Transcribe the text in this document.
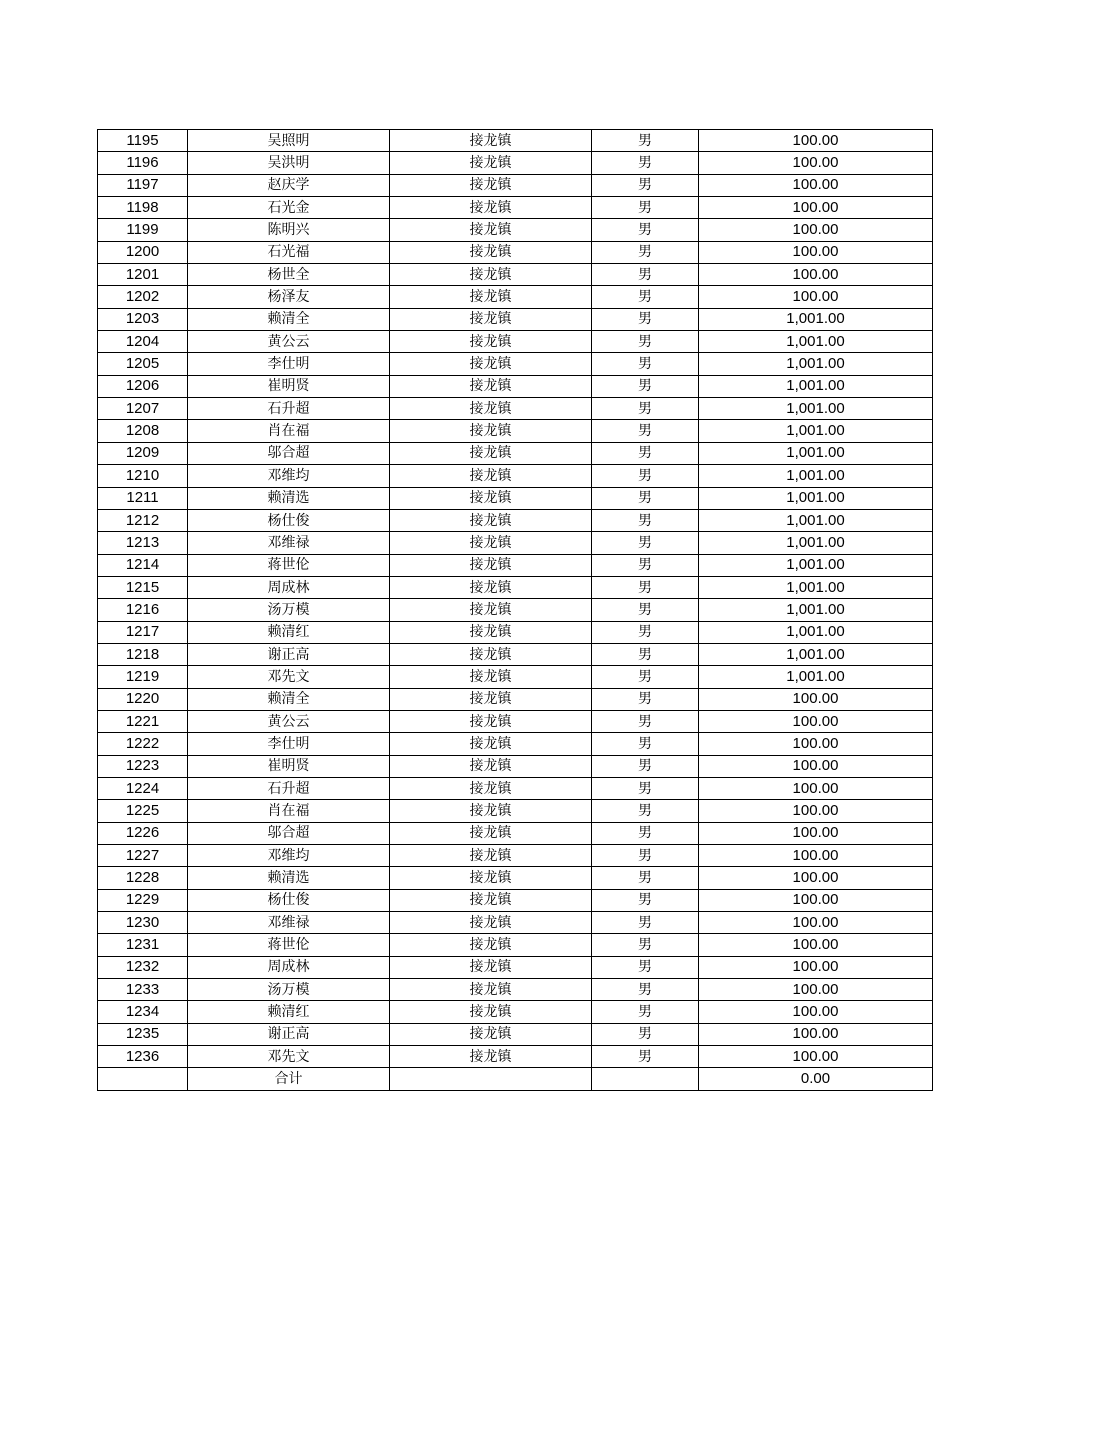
1195	吴照明	接龙镇	男	100.00
1196	吴洪明	接龙镇	男	100.00
1197	赵庆学	接龙镇	男	100.00
1198	石光金	接龙镇	男	100.00
1199	陈明兴	接龙镇	男	100.00
1200	石光福	接龙镇	男	100.00
1201	杨世全	接龙镇	男	100.00
1202	杨泽友	接龙镇	男	100.00
1203	赖清全	接龙镇	男	1,001.00
1204	黄公云	接龙镇	男	1,001.00
1205	李仕明	接龙镇	男	1,001.00
1206	崔明贤	接龙镇	男	1,001.00
1207	石升超	接龙镇	男	1,001.00
1208	肖在福	接龙镇	男	1,001.00
1209	邬合超	接龙镇	男	1,001.00
1210	邓维均	接龙镇	男	1,001.00
1211	赖清选	接龙镇	男	1,001.00
1212	杨仕俊	接龙镇	男	1,001.00
1213	邓维禄	接龙镇	男	1,001.00
1214	蒋世伦	接龙镇	男	1,001.00
1215	周成林	接龙镇	男	1,001.00
1216	汤万模	接龙镇	男	1,001.00
1217	赖清红	接龙镇	男	1,001.00
1218	谢正高	接龙镇	男	1,001.00
1219	邓先文	接龙镇	男	1,001.00
1220	赖清全	接龙镇	男	100.00
1221	黄公云	接龙镇	男	100.00
1222	李仕明	接龙镇	男	100.00
1223	崔明贤	接龙镇	男	100.00
1224	石升超	接龙镇	男	100.00
1225	肖在福	接龙镇	男	100.00
1226	邬合超	接龙镇	男	100.00
1227	邓维均	接龙镇	男	100.00
1228	赖清选	接龙镇	男	100.00
1229	杨仕俊	接龙镇	男	100.00
1230	邓维禄	接龙镇	男	100.00
1231	蒋世伦	接龙镇	男	100.00
1232	周成林	接龙镇	男	100.00
1233	汤万模	接龙镇	男	100.00
1234	赖清红	接龙镇	男	100.00
1235	谢正高	接龙镇	男	100.00
1236	邓先文	接龙镇	男	100.00
	合计			0.00
